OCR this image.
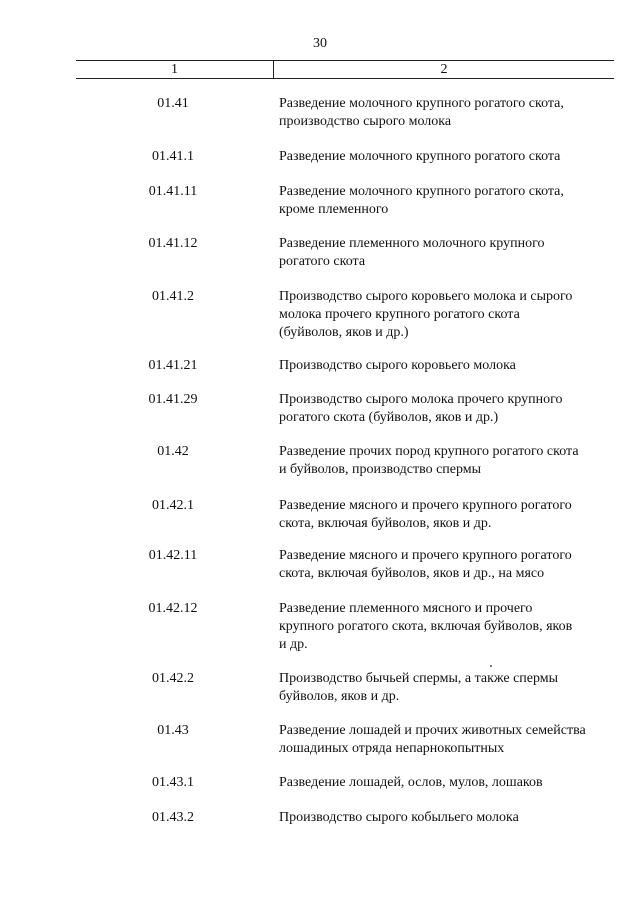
30
1	2
01.41	Разведение молочного крупного рогатого скота,
производство сырого молока
01.41.1	Разведение молочного крупного рогатого скота
01.41.11	Разведение молочного крупного рогатого скота,
кроме племенного
01.41.12	Разведение племенного молочного крупного
рогатого скота
01.41.2	Производство сырого коровьего молока и сырого
молока прочего крупного рогатого скота
(буйволов, яков и др.)
01.41.21	Производство сырого коровьего молока
01.41.29	Производство сырого молока прочего крупного
рогатого скота (буйволов, яков и др.)
01.42	Разведение прочих пород крупного рогатого скота
и буйволов, производство спермы
01.42.1	Разведение мясного и прочего крупного рогатого
скота, включая буйволов, яков и др.
01.42.11	Разведение мясного и прочего крупного рогатого
скота, включая буйволов, яков и др., на мясо
01.42.12	Разведение племенного мясного и прочего
крупного рогатого скота, включая буйволов, яков
и др.
01.42.2	Производство бычьей спермы, а также спермы
буйволов, яков и др.
01.43	Разведение лошадей и прочих животных семейства
лошадиных отряда непарнокопытных
01.43.1	Разведение лошадей, ослов, мулов, лошаков
01.43.2	Производство сырого кобыльего молока
